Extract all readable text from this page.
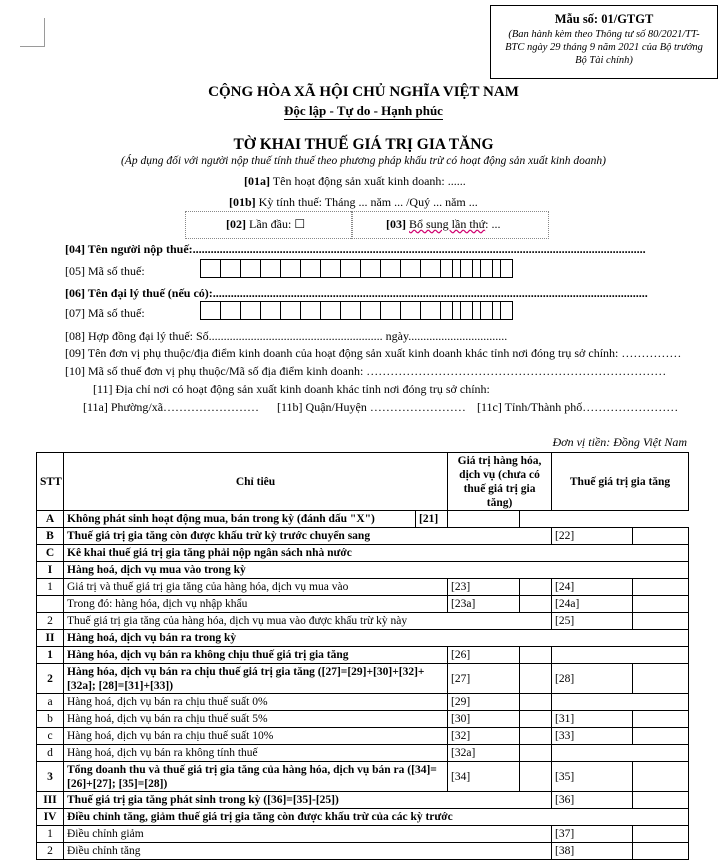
Mẫu số: 01/GTGT
(Ban hành kèm theo Thông tư số 80/2021/TT-BTC ngày 29 tháng 9 năm 2021 của Bộ trưởng Bộ Tài chính)
CỘNG HÒA XÃ HỘI CHỦ NGHĨA VIỆT NAM
Độc lập - Tự do - Hạnh phúc
TỜ KHAI THUẾ GIÁ TRỊ GIA TĂNG
(Áp dụng đối với người nộp thuế tính thuế theo phương pháp khấu trừ có hoạt động sản xuất kinh doanh)
[01a] Tên hoạt động sản xuất kinh doanh: ......
[01b] Kỳ tính thuế: Tháng ... năm ... /Quý ... năm ...
[02] Lần đầu: ☐	[03] Bổ sung lần thứ: ...
[04] Tên người nộp thuế:.......................................................................................................................................................
[05] Mã số thuế:
[06] Tên đại lý thuế (nếu có):.................................................................................................................................................
[07] Mã số thuế:
[08] Hợp đồng đại lý thuế: Số.......................................................... ngày.................................
[09] Tên đơn vị phụ thuộc/địa điểm kinh doanh của hoạt động sản xuất kinh doanh khác tỉnh nơi đóng trụ sở chính: ……………
[10] Mã số thuế đơn vị phụ thuộc/Mã số địa điểm kinh doanh: …………………………………………………………………
[11] Địa chỉ nơi có hoạt động sản xuất kinh doanh khác tỉnh nơi đóng trụ sở chính:
[11a] Phường/xã…………………… [11b] Quận/Huyện …………………… [11c] Tỉnh/Thành phố……………………
Đơn vị tiền: Đồng Việt Nam
STT	Chỉ tiêu		Giá trị hàng hóa, dịch vụ (chưa có thuế giá trị gia tăng)		Thuế giá trị gia tăng	
A	Không phát sinh hoạt động mua, bán trong kỳ (đánh dấu "X")	[21]				
B	Thuế giá trị gia tăng còn được khấu trừ kỳ trước chuyển sang				[22]	
C	Kê khai thuế giá trị gia tăng phải nộp ngân sách nhà nước					
I	Hàng hoá, dịch vụ mua vào trong kỳ					
1	Giá trị và thuế giá trị gia tăng của hàng hóa, dịch vụ mua vào		[23]		[24]	
	Trong đó: hàng hóa, dịch vụ nhập khẩu		[23a]		[24a]	
2	Thuế giá trị gia tăng của hàng hóa, dịch vụ mua vào được khấu trừ kỳ này				[25]	
II	Hàng hoá, dịch vụ bán ra trong kỳ					
1	Hàng hóa, dịch vụ bán ra không chịu thuế giá trị gia tăng		[26]			
2	Hàng hóa, dịch vụ bán ra chịu thuế giá trị gia tăng ([27]=[29]+[30]+[32]+[32a]; [28]=[31]+[33])		[27]		[28]	
a	Hàng hoá, dịch vụ bán ra chịu thuế suất 0%		[29]			
b	Hàng hoá, dịch vụ bán ra chịu thuế suất 5%		[30]		[31]	
c	Hàng hoá, dịch vụ bán ra chịu thuế suất 10%		[32]		[33]	
d	Hàng hoá, dịch vụ bán ra không tính thuế		[32a]			
3	Tổng doanh thu và thuế giá trị gia tăng của hàng hóa, dịch vụ bán ra ([34]=[26]+[27]; [35]=[28])		[34]		[35]	
III	Thuế giá trị gia tăng phát sinh trong kỳ ([36]=[35]-[25])				[36]	
IV	Điều chỉnh tăng, giảm thuế giá trị gia tăng còn được khấu trừ của các kỳ trước					
1	Điều chỉnh giảm				[37]	
2	Điều chỉnh tăng				[38]	
